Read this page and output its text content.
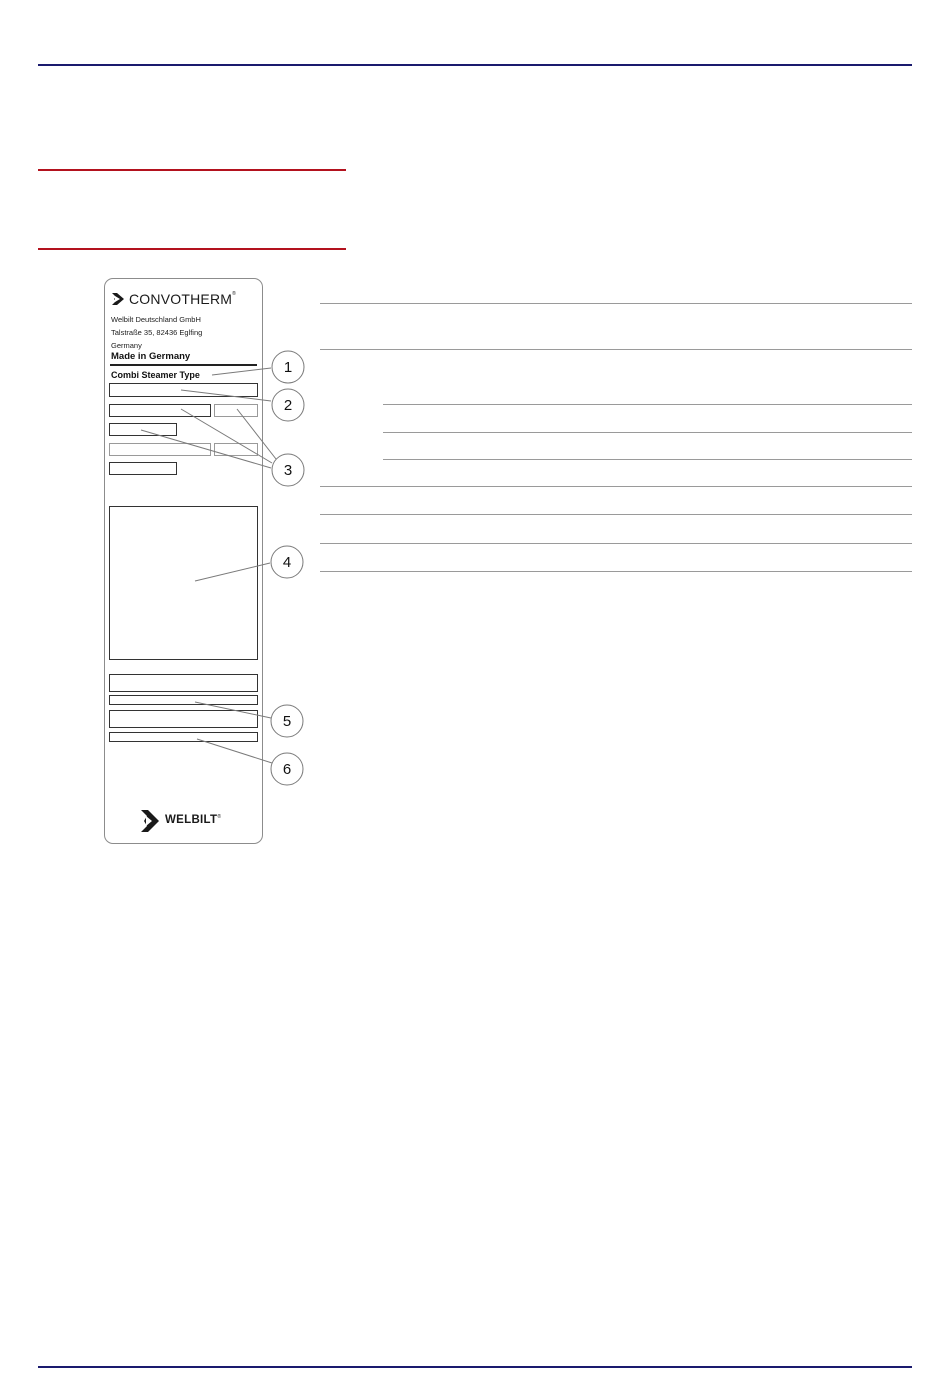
CONVOTHERM®
Welbilt Deutschland GmbH
Talstraße 35, 82436 Eglfing
Germany
Made in Germany
Combi Steamer Type
WELBILT®
1
2
3
4
5
6
